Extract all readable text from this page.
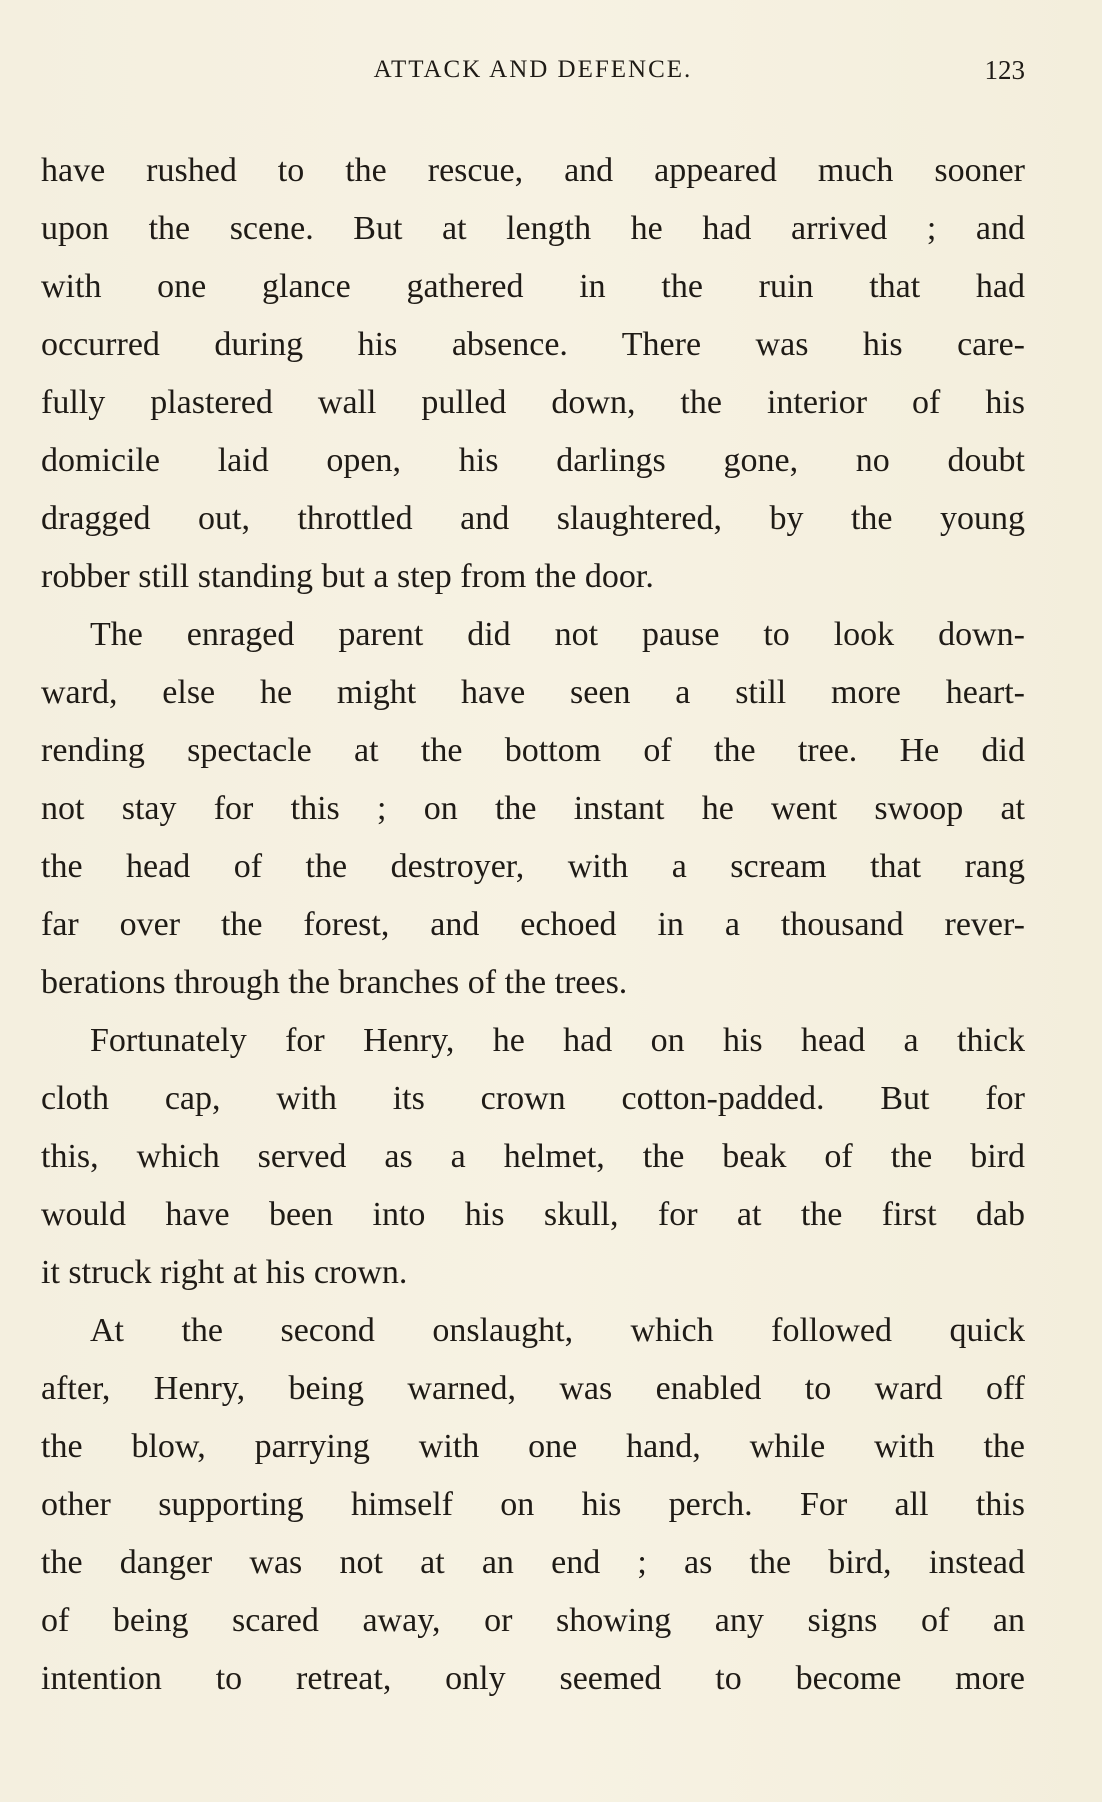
ATTACK AND DEFENCE.	123

have rushed to the rescue, and appeared much sooner
upon the scene. But at length he had arrived ; and
with one glance gathered in the ruin that had
occurred during his absence. There was his care-
fully plastered wall pulled down, the interior of his
domicile laid open, his darlings gone, no doubt
dragged out, throttled and slaughtered, by the young
robber still standing but a step from the door.

The enraged parent did not pause to look down-
ward, else he might have seen a still more heart-
rending spectacle at the bottom of the tree. He did
not stay for this ; on the instant he went swoop at
the head of the destroyer, with a scream that rang
far over the forest, and echoed in a thousand rever-
berations through the branches of the trees.

Fortunately for Henry, he had on his head a thick
cloth cap, with its crown cotton-padded. But for
this, which served as a helmet, the beak of the bird
would have been into his skull, for at the first dab
it struck right at his crown.

At the second onslaught, which followed quick
after, Henry, being warned, was enabled to ward off
the blow, parrying with one hand, while with the
other supporting himself on his perch. For all this
the danger was not at an end ; as the bird, instead
of being scared away, or showing any signs of an
intention to retreat, only seemed to become more
